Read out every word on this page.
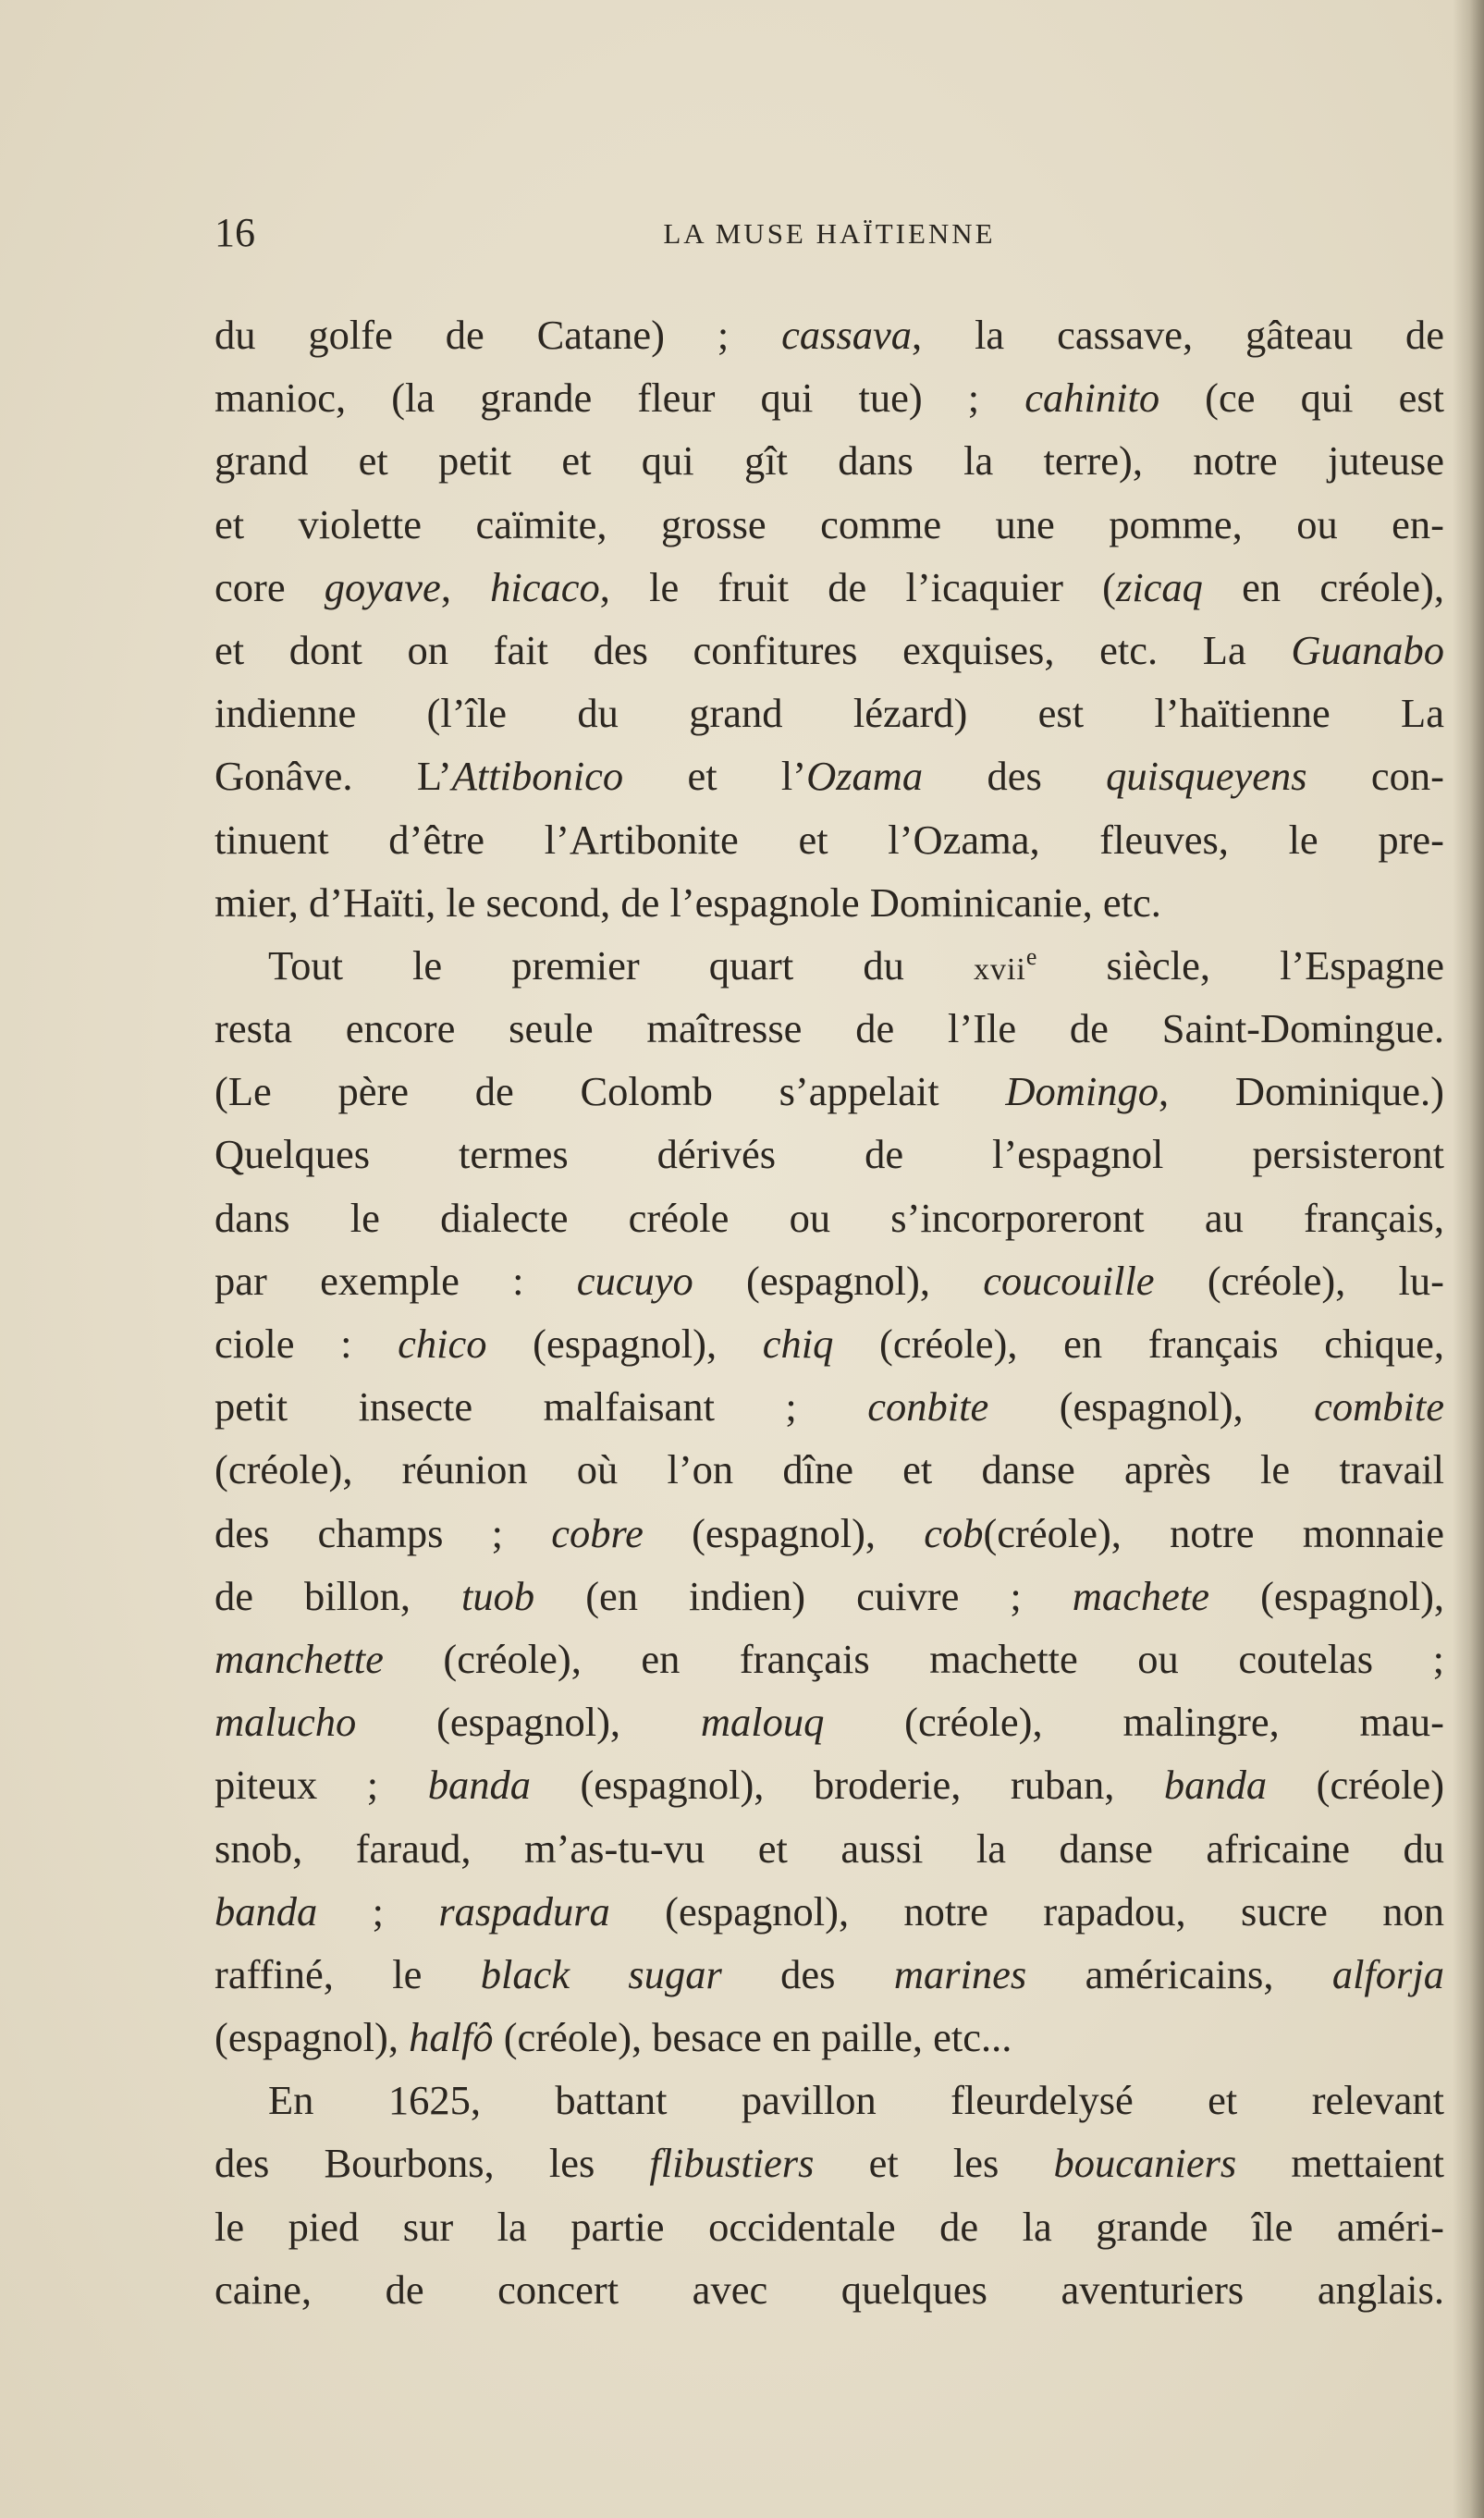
16	LA MUSE HAÏTIENNE
du golfe de Catane) ; cassava, la cassave, gâteau de
manioc, (la grande fleur qui tue) ; cahinito (ce qui est
grand et petit et qui gît dans la terre), notre juteuse
et violette caïmite, grosse comme une pomme, ou en-
core goyave, hicaco, le fruit de l’icaquier (zicaq en créole),
et dont on fait des confitures exquises, etc. La Guanabo
indienne (l’île du grand lézard) est l’haïtienne La
Gonâve. L’Attibonico et l’Ozama des quisqueyens con-
tinuent d’être l’Artibonite et l’Ozama, fleuves, le pre-
mier, d’Haïti, le second, de l’espagnole Dominicanie, etc.
Tout le premier quart du xvii$^e$ siècle, l’Espagne
resta encore seule maîtresse de l’Ile de Saint-Domingue.
(Le père de Colomb s’appelait Domingo, Dominique.)
Quelques termes dérivés de l’espagnol persisteront
dans le dialecte créole ou s’incorporeront au français,
par exemple : cucuyo (espagnol), coucouille (créole), lu-
ciole : chico (espagnol), chiq (créole), en français chique,
petit insecte malfaisant ; conbite (espagnol), combite
(créole), réunion où l’on dîne et danse après le travail
des champs ; cobre (espagnol), cob(créole), notre monnaie
de billon, tuob (en indien) cuivre ; machete (espagnol),
manchette (créole), en français machette ou coutelas ;
malucho (espagnol), malouq (créole), malingre, mau-
piteux ; banda (espagnol), broderie, ruban, banda (créole)
snob, faraud, m’as-tu-vu et aussi la danse africaine du
banda ; raspadura (espagnol), notre rapadou, sucre non
raffiné, le black sugar des marines américains, alforja
(espagnol), halfô (créole), besace en paille, etc...
En 1625, battant pavillon fleurdelysé et relevant
des Bourbons, les flibustiers et les boucaniers mettaient
le pied sur la partie occidentale de la grande île améri-
caine, de concert avec quelques aventuriers anglais.
